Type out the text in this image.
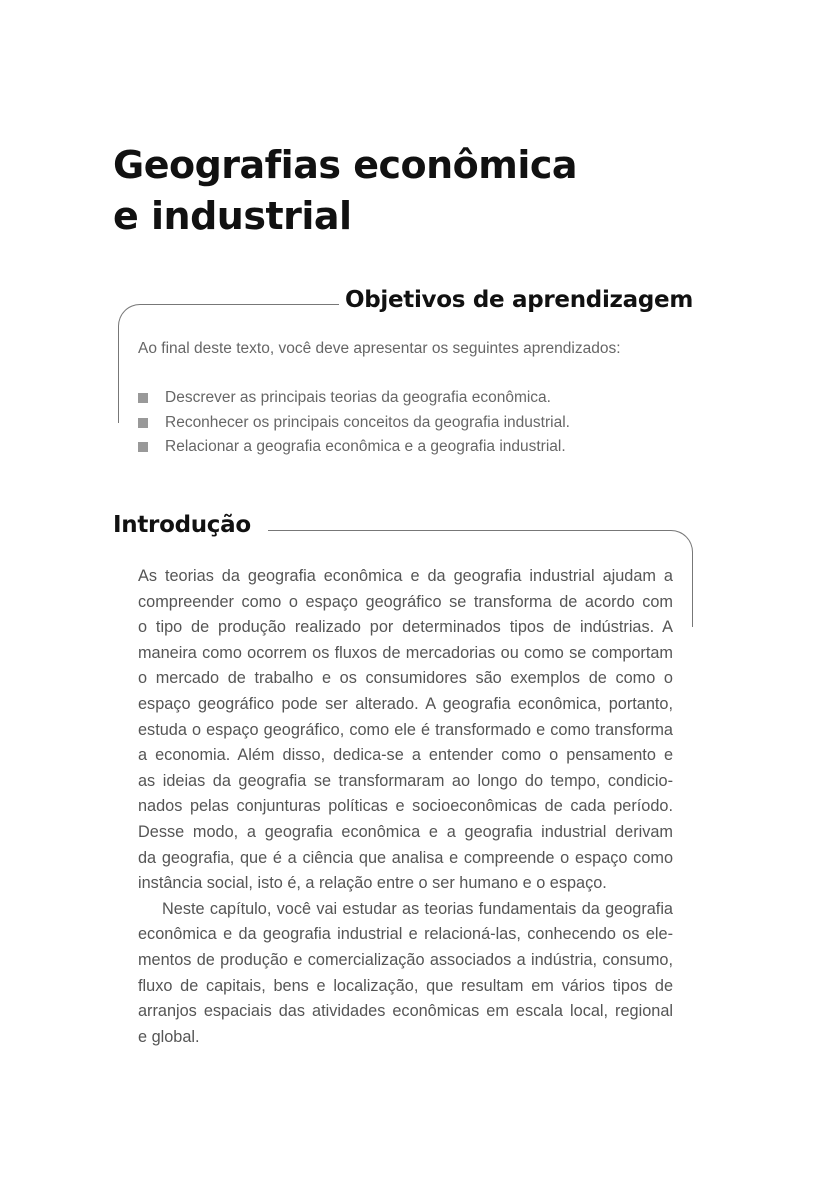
Geografias econômica
e industrial
Objetivos de aprendizagem
Ao final deste texto, você deve apresentar os seguintes aprendizados:
Descrever as principais teorias da geografia econômica.
Reconhecer os principais conceitos da geografia industrial.
Relacionar a geografia econômica e a geografia industrial.
Introdução
As teorias da geografia econômica e da geografia industrial ajudam a
compreender como o espaço geográfico se transforma de acordo com
o tipo de produção realizado por determinados tipos de indústrias. A
maneira como ocorrem os fluxos de mercadorias ou como se comportam
o mercado de trabalho e os consumidores são exemplos de como o
espaço geográfico pode ser alterado. A geografia econômica, portanto,
estuda o espaço geográfico, como ele é transformado e como transforma
a economia. Além disso, dedica-se a entender como o pensamento e
as ideias da geografia se transformaram ao longo do tempo, condicio-
nados pelas conjunturas políticas e socioeconômicas de cada período.
Desse modo, a geografia econômica e a geografia industrial derivam
da geografia, que é a ciência que analisa e compreende o espaço como
instância social, isto é, a relação entre o ser humano e o espaço.
Neste capítulo, você vai estudar as teorias fundamentais da geografia
econômica e da geografia industrial e relacioná-las, conhecendo os ele-
mentos de produção e comercialização associados a indústria, consumo,
fluxo de capitais, bens e localização, que resultam em vários tipos de
arranjos espaciais das atividades econômicas em escala local, regional
e global.
